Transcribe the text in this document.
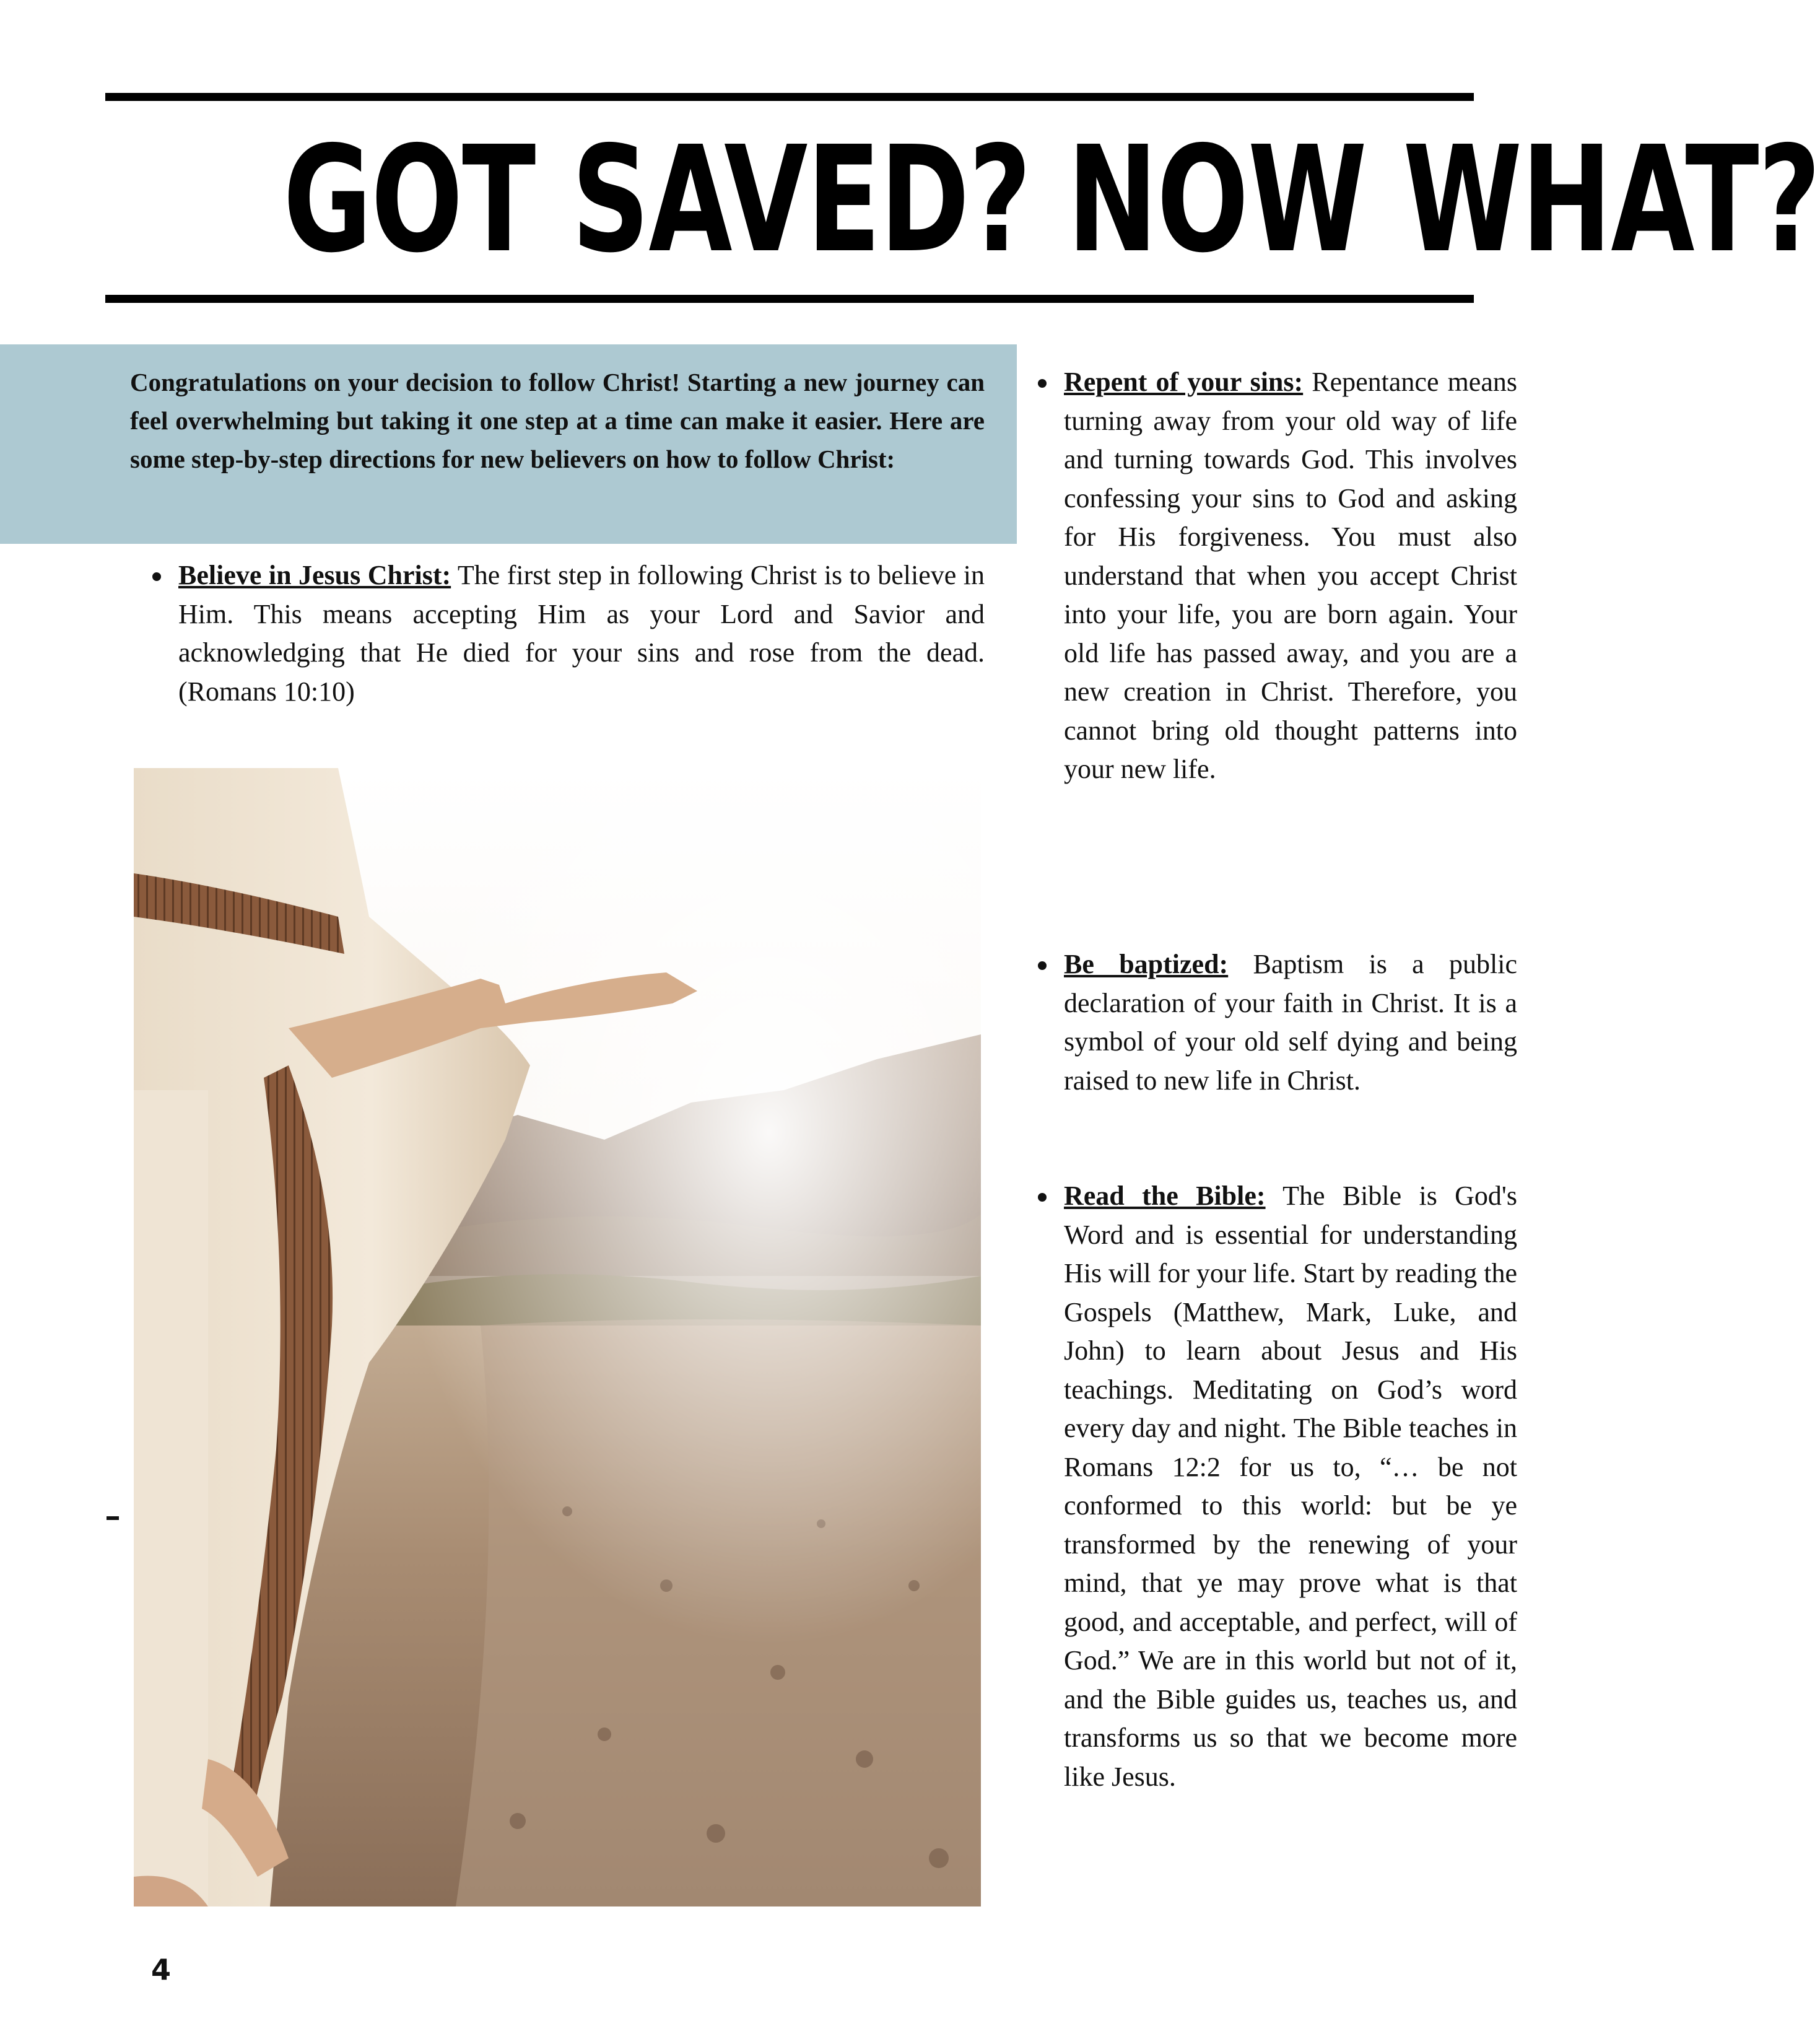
GOT SAVED? NOW WHAT?

Congratulations on your decision to follow Christ! Starting a new journey can feel overwhelming but taking it one step at a time can make it easier. Here are some step-by-step directions for new believers on how to follow Christ:

Believe in Jesus Christ: The first step in following Christ is to believe in Him. This means accepting Him as your Lord and Savior and acknowledging that He died for your sins and rose from the dead. (Romans 10:10)
Repent of your sins: Repentance means turning away from your old way of life and turning towards God. This involves confessing your sins to God and asking for His forgiveness. You must also understand that when you accept Christ into your life, you are born again. Your old life has passed away, and you are a new creation in Christ. Therefore, you cannot bring old thought patterns into your new life.
Be baptized: Baptism is a public declaration of your faith in Christ. It is a symbol of your old self dying and being raised to new life in Christ.
Read the Bible: The Bible is God's Word and is essential for understanding His will for your life. Start by reading the Gospels (Matthew, Mark, Luke, and John) to learn about Jesus and His teachings. Meditating on God’s word every day and night. The Bible teaches in Romans 12:2 for us to, “… be not conformed to this world: but be ye transformed by the renewing of your mind, that ye may prove what is that good, and acceptable, and perfect, will of God.” We are in this world but not of it, and the Bible guides us, teaches us, and transforms us so that we become more like Jesus.

4
